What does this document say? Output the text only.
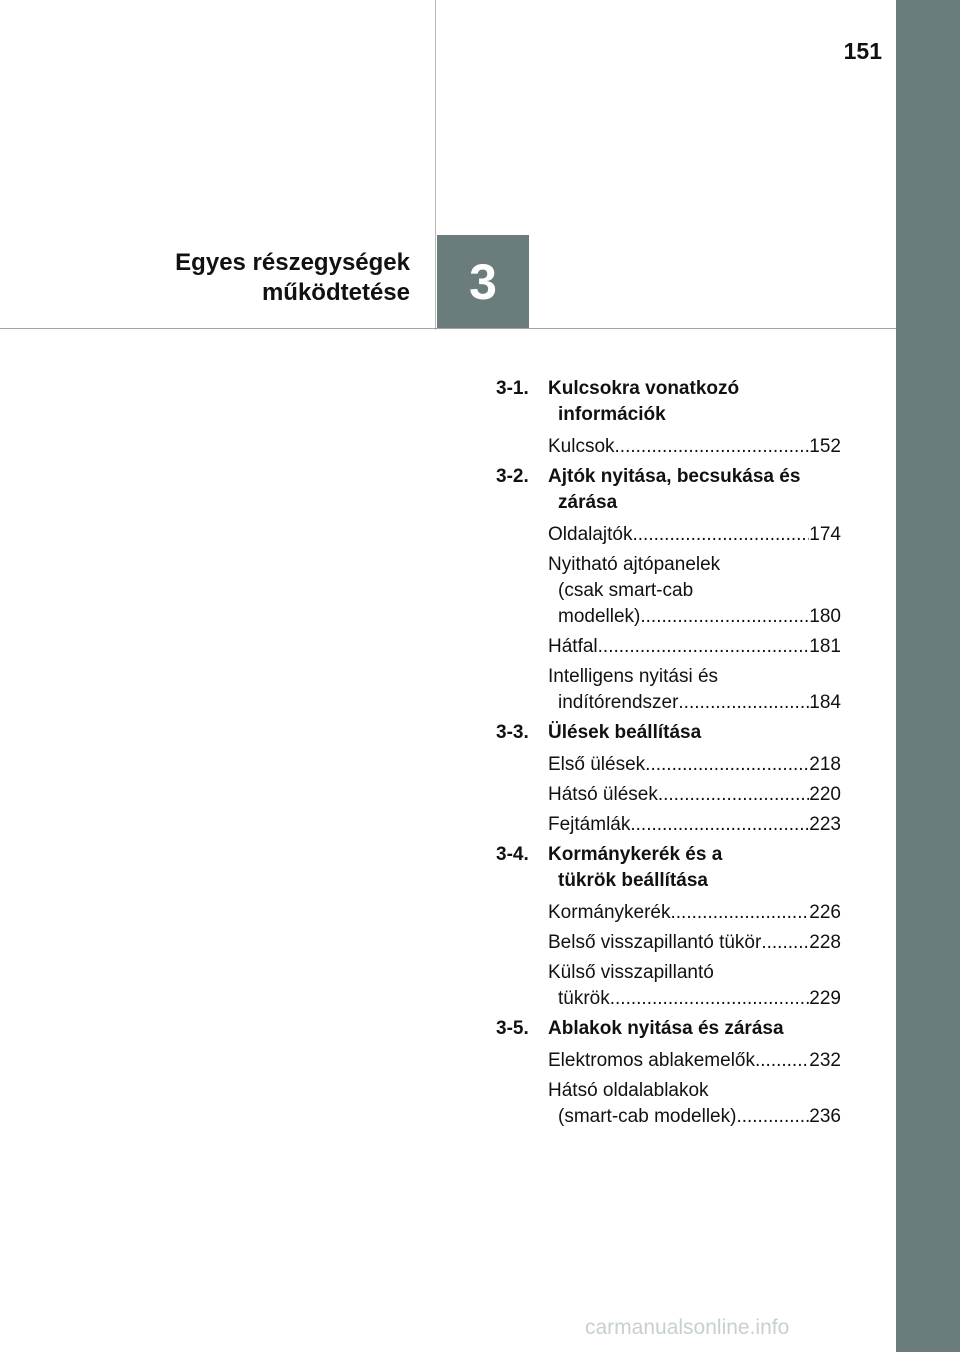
151
Egyes részegységek
működtetése	3
3-1.	Kulcsokra vonatkozó
információk
Kulcsok .....	152
3-2.	Ajtók nyitása, becsukása és
zárása
Oldalajtók .....	174
Nyitható ajtópanelek
(csak smart-cab
modellek) .....	180
Hátfal .....	181
Intelligens nyitási és
indítórendszer .....	184
3-3.	Ülések beállítása
Első ülések .....	218
Hátsó ülések .....	220
Fejtámlák .....	223
3-4.	Kormánykerék és a
tükrök beállítása
Kormánykerék .....	226
Belső visszapillantó tükör .....	228
Külső visszapillantó
tükrök .....	229
3-5.	Ablakok nyitása és zárása
Elektromos ablakemelők .....	232
Hátsó oldalablakok
(smart-cab modellek) .....	236
carmanualsonline.info
